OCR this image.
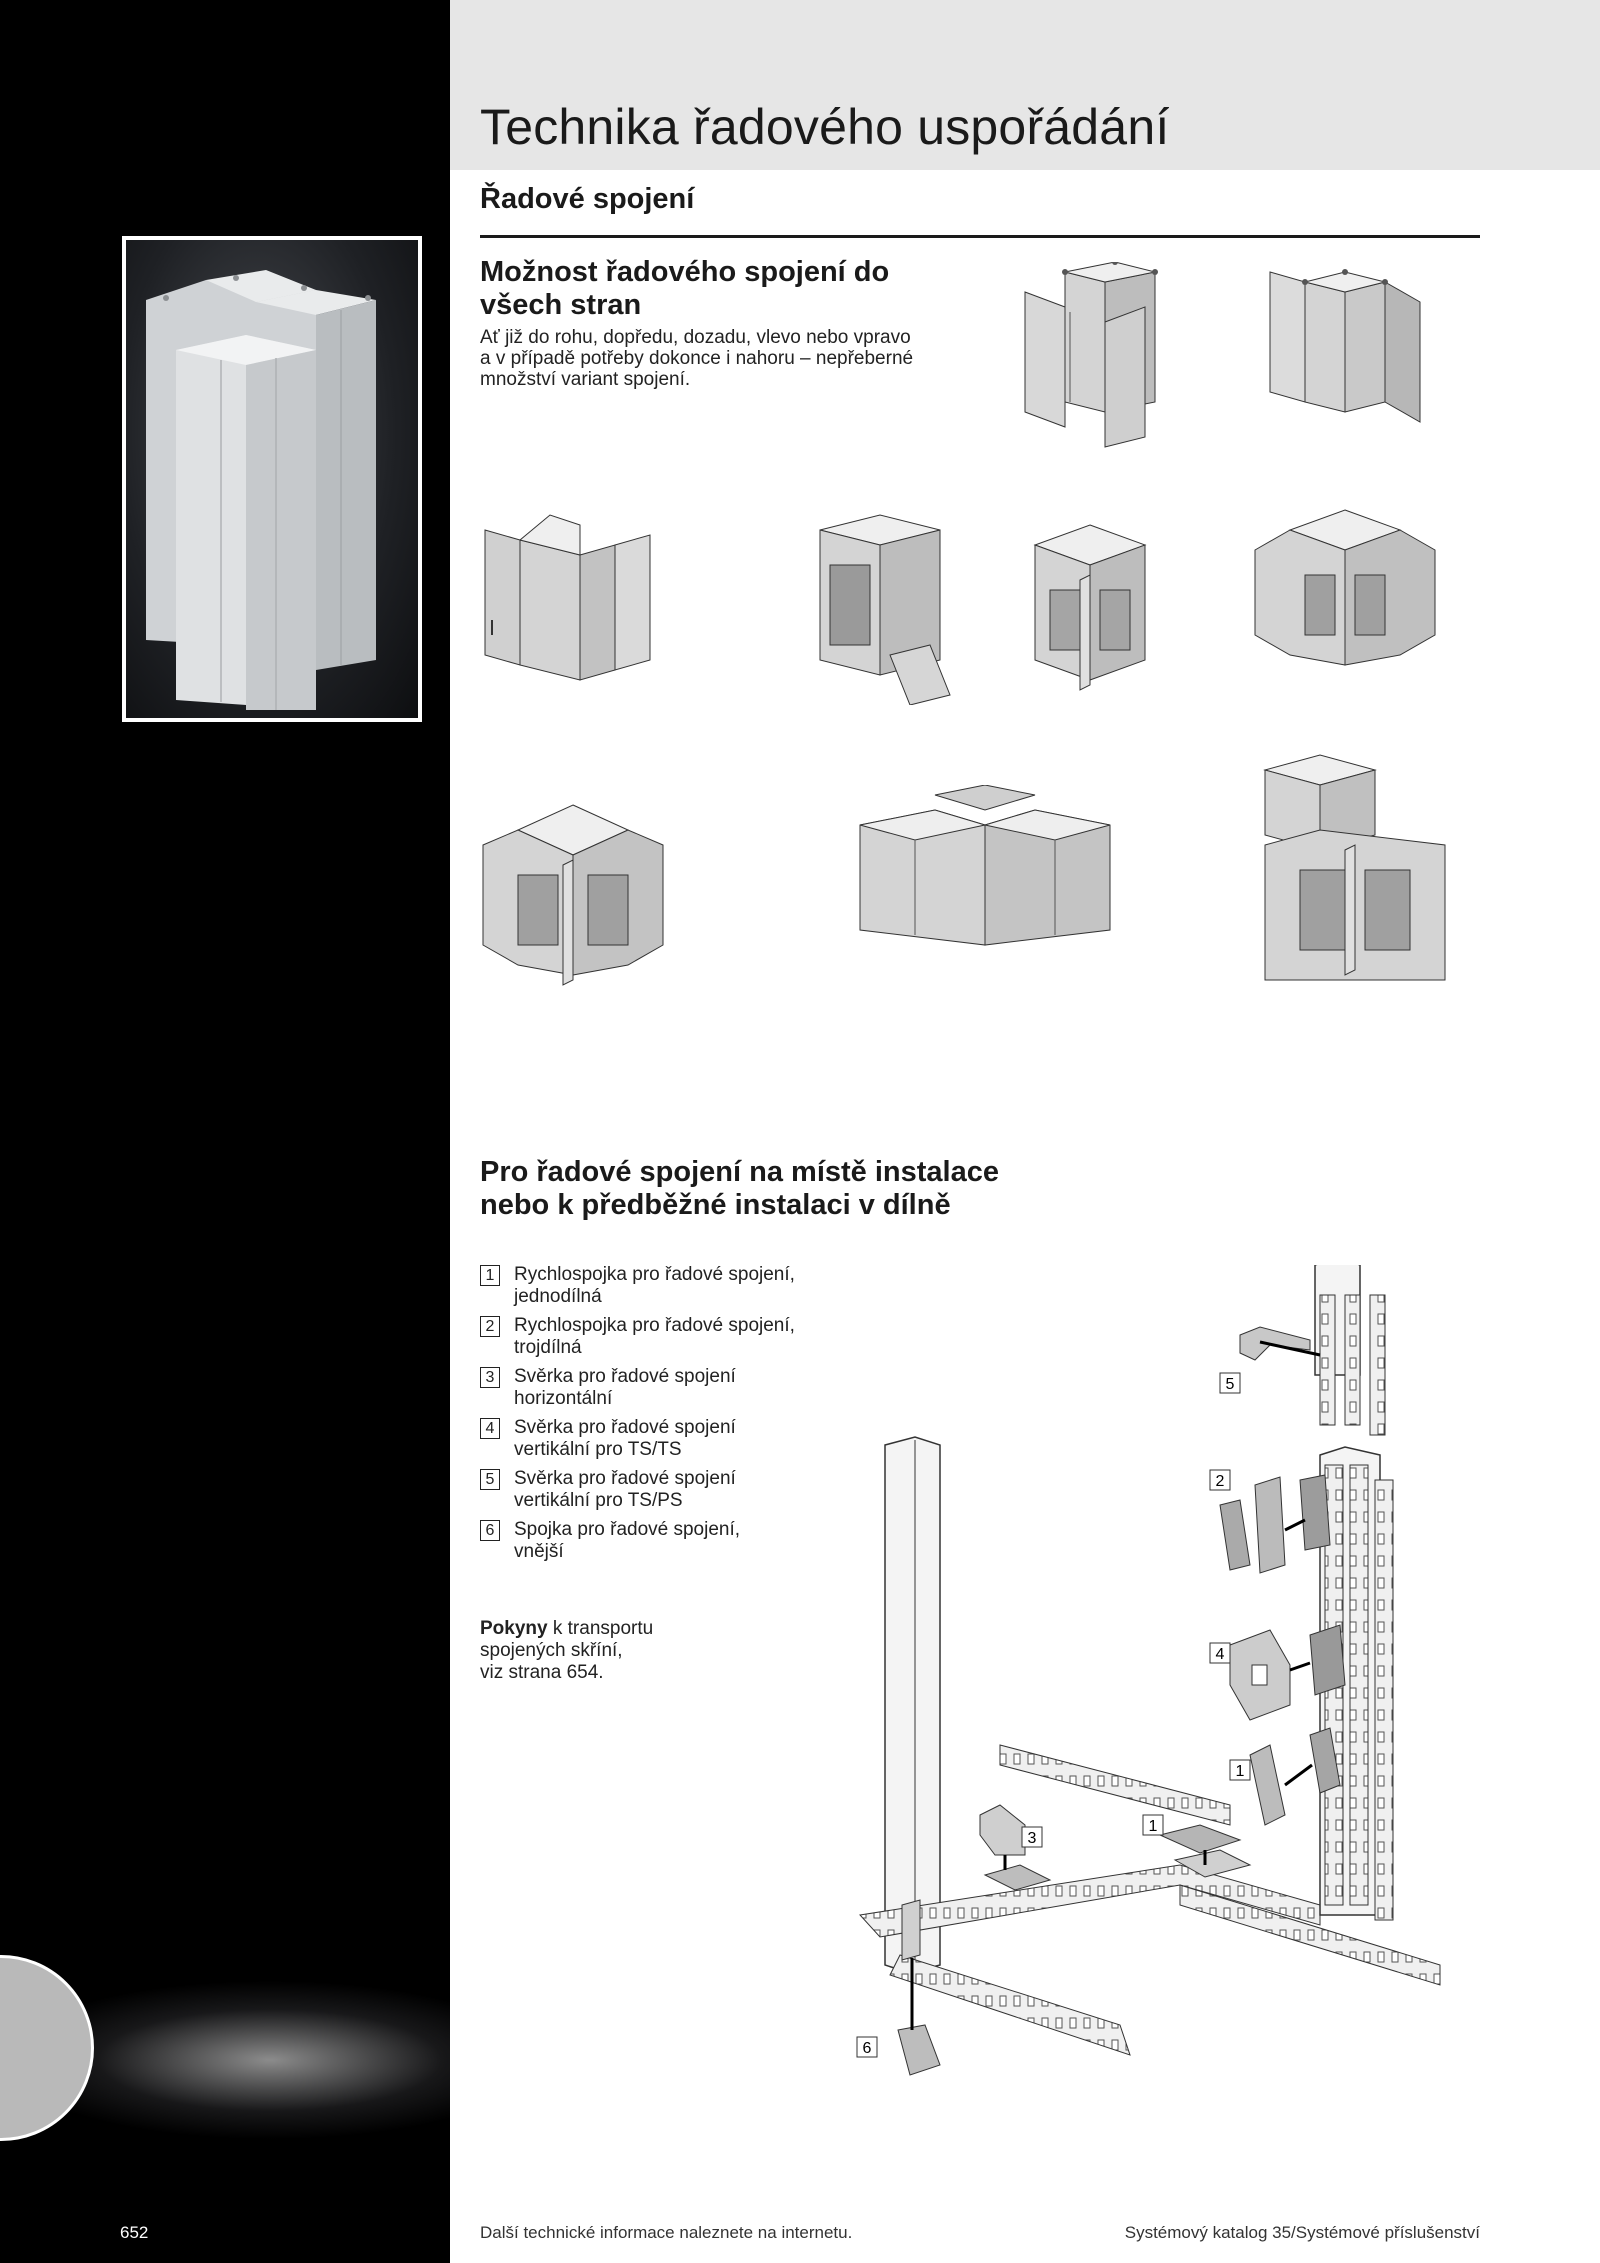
652
Technika řadového uspořádání
Řadové spojení
Možnost řadového spojení do
všech stran
Ať již do rohu, dopředu, dozadu, vlevo nebo vpravo
a v případě potřeby dokonce i nahoru – nepřeberné
množství variant spojení.
Pro řadové spojení na místě instalace
nebo k předběžné instalaci v dílně
1 Rychlospojka pro řadové spojení,
jednodílná
2 Rychlospojka pro řadové spojení,
trojdílná
3 Svěrka pro řadové spojení
horizontální
4 Svěrka pro řadové spojení
vertikální pro TS/TS
5 Svěrka pro řadové spojení
vertikální pro TS/PS
6 Spojka pro řadové spojení,
vnější
Pokyny k transportu
spojených skříní,
viz strana 654.
5
2
4
1
3
1
6
Další technické informace naleznete na internetu.	Systémový katalog 35/Systémové příslušenství
